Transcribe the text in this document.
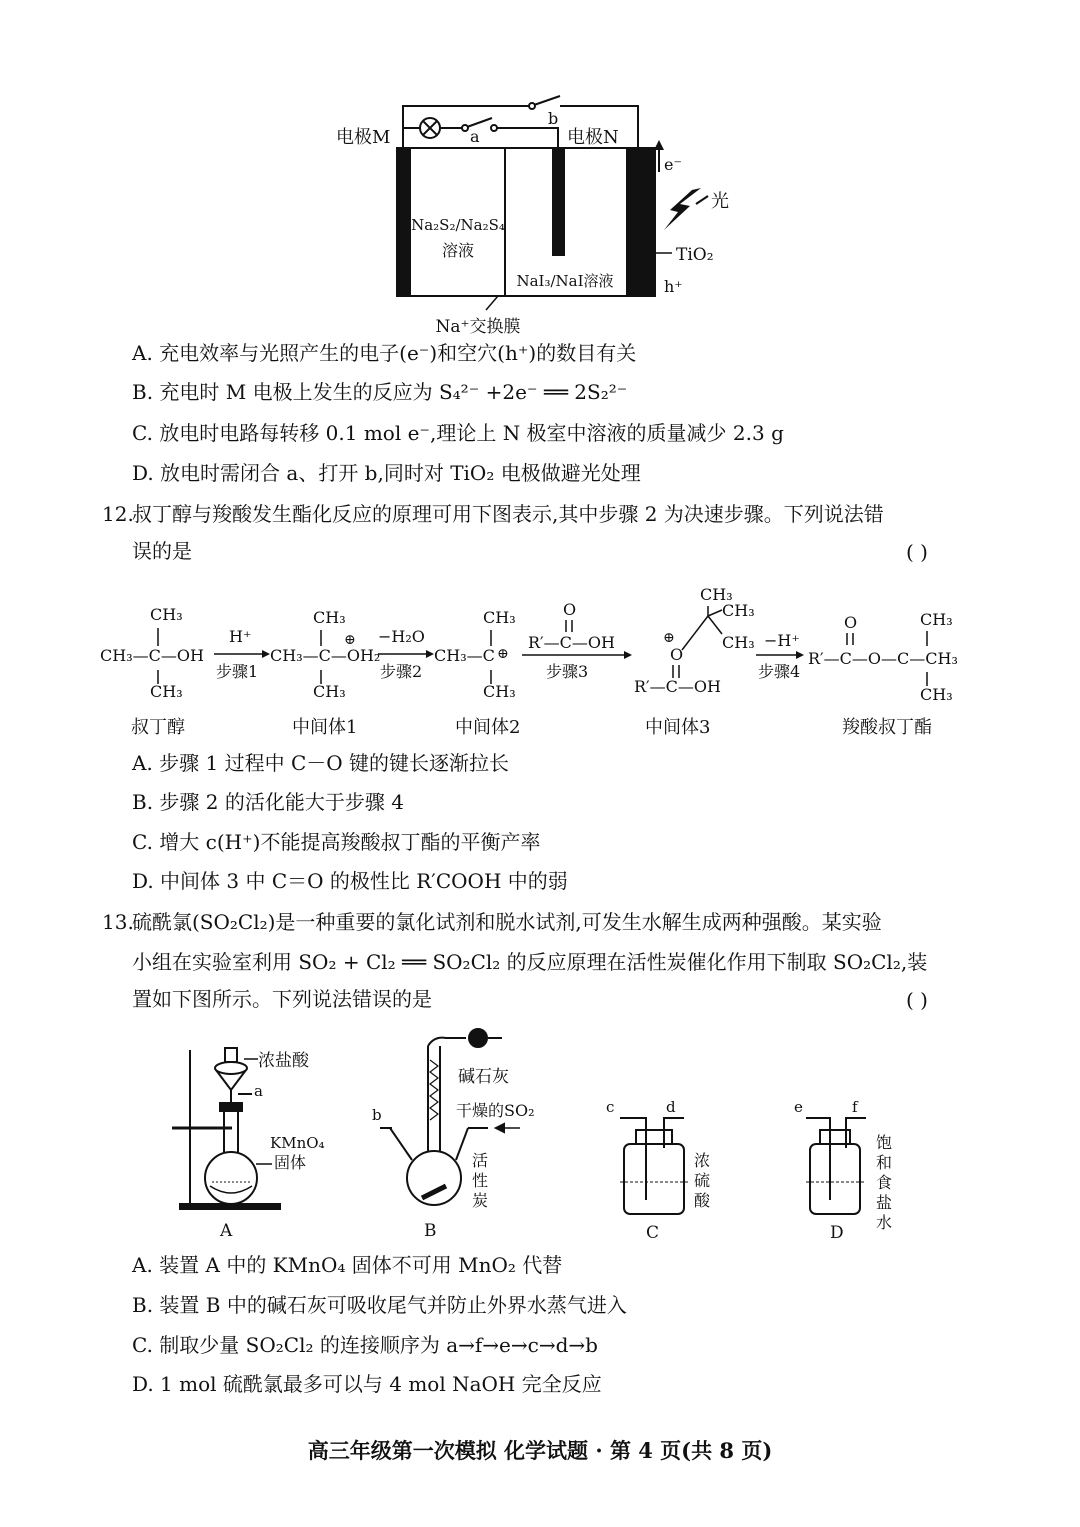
a
b
电极M	电极N
Na₂S₂/Na₂S₄
溶液
NaI₃/NaI溶液
Na⁺交换膜
e⁻
光
TiO₂
h⁺
A. 充电效率与光照产生的电子(e⁻)和空穴(h⁺)的数目有关
B. 充电时 M 电极上发生的反应为 S₄²⁻ +2e⁻ ══ 2S₂²⁻
C. 放电时电路每转移 0.1 mol e⁻,理论上 N 极室中溶液的质量减少 2.3 g
D. 放电时需闭合 a、打开 b,同时对 TiO₂ 电极做避光处理
12.
叔丁醇与羧酸发生酯化反应的原理可用下图表示,其中步骤 2 为决速步骤。下列说法错
误的是	( )
CH₃
CH₃—C—OH
CH₃
H⁺
步骤1
CH₃
⊕
CH₃—C—OH₂
CH₃
−H₂O
步骤2
CH₃
CH₃—C ⊕
CH₃
O
R′—C—OH
步骤3
CH₃
CH₃
CH₃
⊕
O
R′—C—OH
−H⁺
步骤4
O	CH₃
R′—C—O—C—CH₃
CH₃
叔丁醇	中间体1	中间体2	中间体3	羧酸叔丁酯
A. 步骤 1 过程中 C－O 键的键长逐渐拉长
B. 步骤 2 的活化能大于步骤 4
C. 增大 c(H⁺)不能提高羧酸叔丁酯的平衡产率
D. 中间体 3 中 C＝O 的极性比 R′COOH 中的弱
13.
硫酰氯(SO₂Cl₂)是一种重要的氯化试剂和脱水试剂,可发生水解生成两种强酸。某实验
小组在实验室利用 SO₂ + Cl₂ ══ SO₂Cl₂ 的反应原理在活性炭催化作用下制取 SO₂Cl₂,装
置如下图所示。下列说法错误的是	( )
浓盐酸
a
KMnO₄
固体
A
碱石灰
b	干燥的SO₂
活
性
炭
B
c	d
浓
硫
酸
C
e	f
饱
和
食
盐
水
D
A. 装置 A 中的 KMnO₄ 固体不可用 MnO₂ 代替
B. 装置 B 中的碱石灰可吸收尾气并防止外界水蒸气进入
C. 制取少量 SO₂Cl₂ 的连接顺序为 a→f→e→c→d→b
D. 1 mol 硫酰氯最多可以与 4 mol NaOH 完全反应
高三年级第一次模拟 化学试题 · 第 4 页(共 8 页)
